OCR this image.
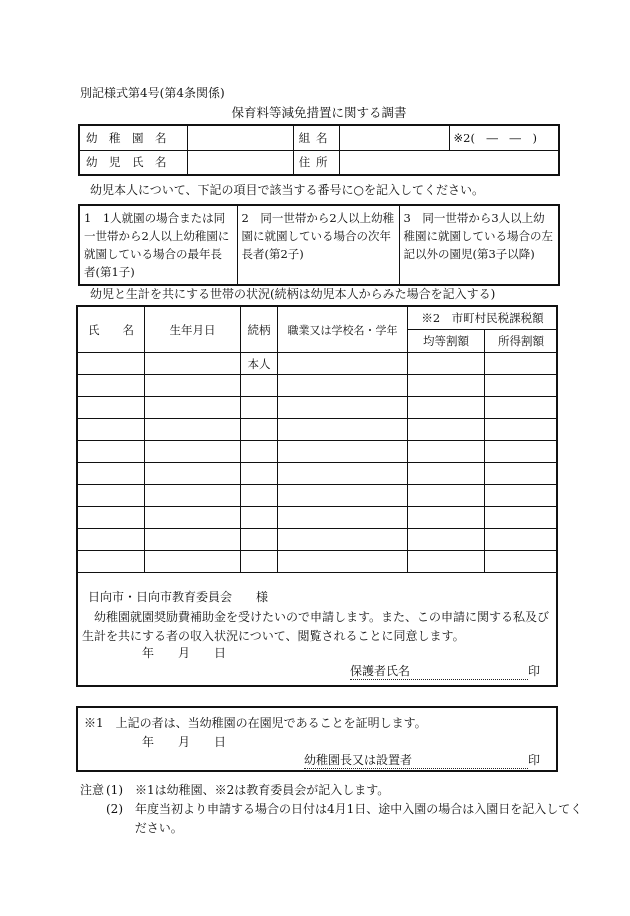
別記様式第4号(第4条関係)
保育料等減免措置に関する調書
幼　稚　園　名		組名		※2(　―　―　)
幼　児　氏　名		住所		
幼児本人について、下記の項目で該当する番号に○を記入してください。
1　1人就園の場合または同一世帯から2人以上幼稚園に就園している場合の最年長者(第1子)	2　同一世帯から2人以上幼稚園に就園している場合の次年長者(第2子)	3　同一世帯から3人以上幼稚園に就園している場合の左記以外の園児(第3子以降)
幼児と生計を共にする世帯の状況(続柄は幼児本人からみた場合を記入する)
氏　　名	生年月日	続柄	職業又は学校名・学年	※2　市町村民税課税額	
				均等割額	所得割額
		本人			

日向市・日向市教育委員会　　様
幼稚園就園奨励費補助金を受けたいので申請します。また、この申請に関する私及び生計を共にする者の収入状況について、閲覧されることに同意します。
年　　月　　日
保護者氏名	印
※1　上記の者は、当幼稚園の在園児であることを証明します。
年　　月　　日
幼稚園長又は設置者	印
注意 (1)　※1は幼稚園、※2は教育委員会が記入します。
(2)　年度当初より申請する場合の日付は4月1日、途中入園の場合は入園日を記入してください。
